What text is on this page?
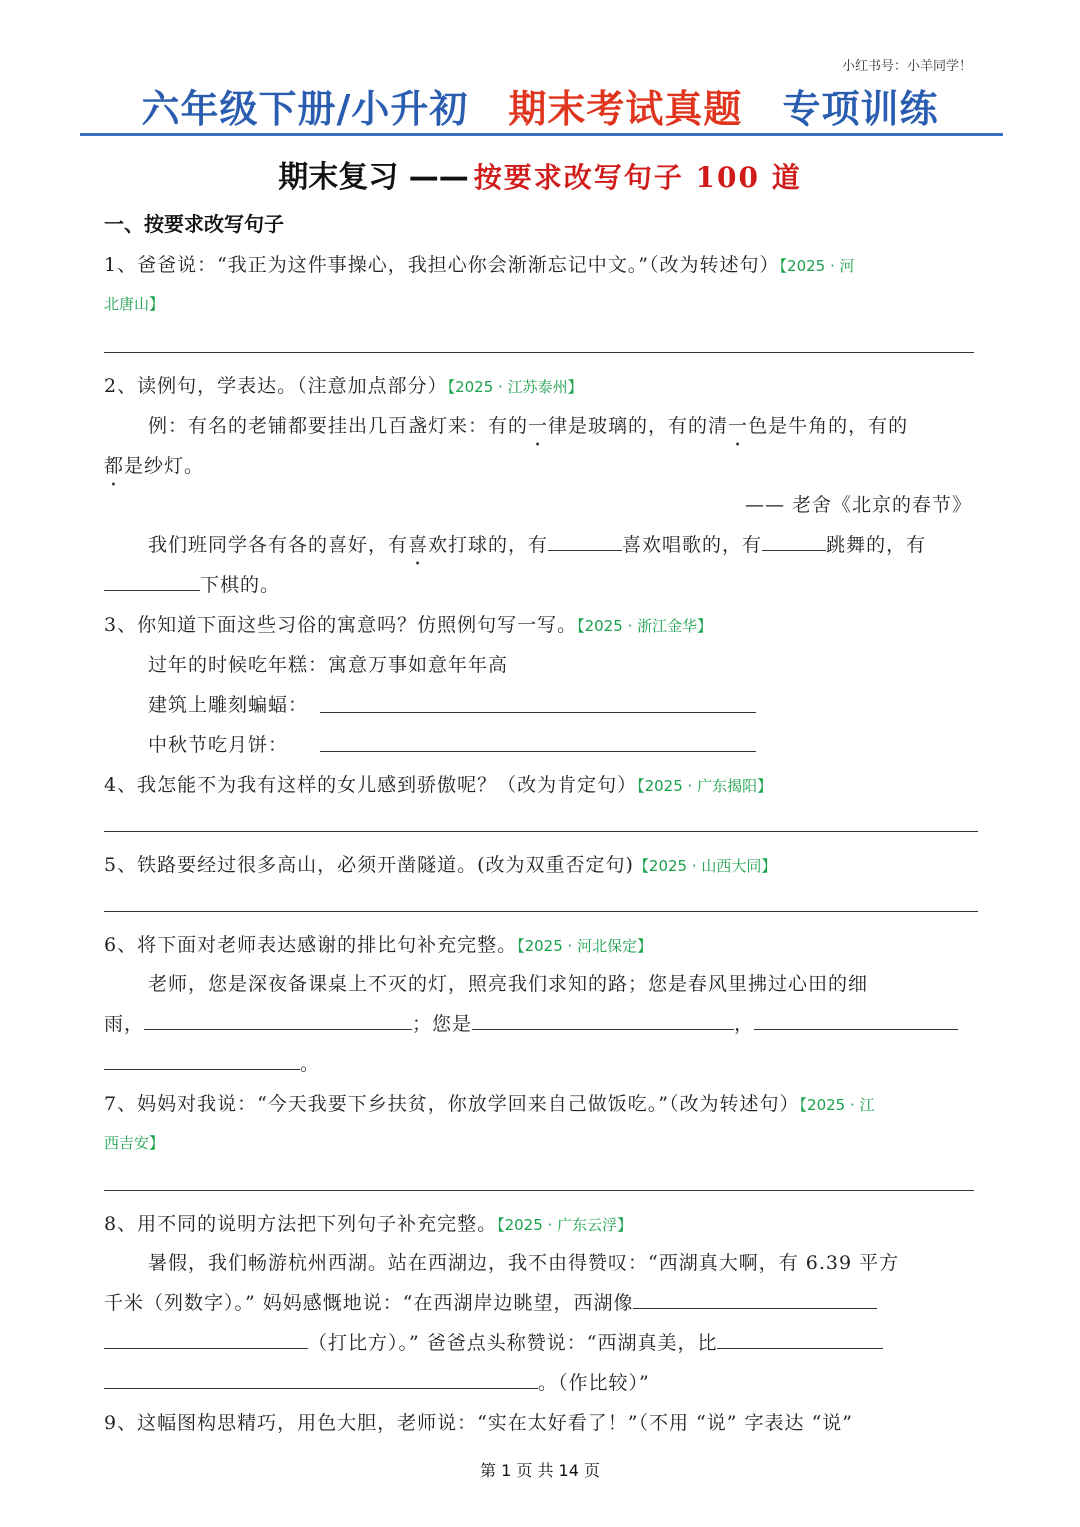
小红书号：小羊同学！
六年级下册/小升初 期末考试真题 专项训练
期末复习 —— 按要求改写句子 100 道
一、按要求改写句子
1、爸爸说：“我正为这件事操心，我担心你会渐渐忘记中文。”（改为转述句）【2025 · 河
北唐山】
2、读例句，学表达。（注意加点部分）【2025 · 江苏泰州】
例：有名的老铺都要挂出几百盏灯来：有的一律是玻璃的，有的清一色是牛角的，有的
都是纱灯。
—— 老舍《北京的春节》
我们班同学各有各的喜好，有喜欢打球的，有	喜欢唱歌的，有	跳舞的，有
下棋的。
3、你知道下面这些习俗的寓意吗？仿照例句写一写。【2025 · 浙江金华】
过年的时候吃年糕：寓意万事如意年年高
建筑上雕刻蝙蝠：
中秋节吃月饼：
4、我怎能不为我有这样的女儿感到骄傲呢？（改为肯定句）【2025 · 广东揭阳】
5、铁路要经过很多高山，必须开凿隧道。(改为双重否定句)【2025 · 山西大同】
6、将下面对老师表达感谢的排比句补充完整。【2025 · 河北保定】
老师，您是深夜备课桌上不灭的灯，照亮我们求知的路；您是春风里拂过心田的细
雨，	；您是	，
。
7、妈妈对我说：“今天我要下乡扶贫，你放学回来自己做饭吃。”（改为转述句）【2025 · 江
西吉安】
8、用不同的说明方法把下列句子补充完整。【2025 · 广东云浮】
暑假，我们畅游杭州西湖。站在西湖边，我不由得赞叹：“西湖真大啊，有 6.39 平方
千米（列数字）。” 妈妈感慨地说：“在西湖岸边眺望，西湖像
（打比方）。” 爸爸点头称赞说：“西湖真美，比
。（作比较）”
9、这幅图构思精巧，用色大胆，老师说：“实在太好看了！”（不用 “说” 字表达 “说”
第 1 页 共 14 页
